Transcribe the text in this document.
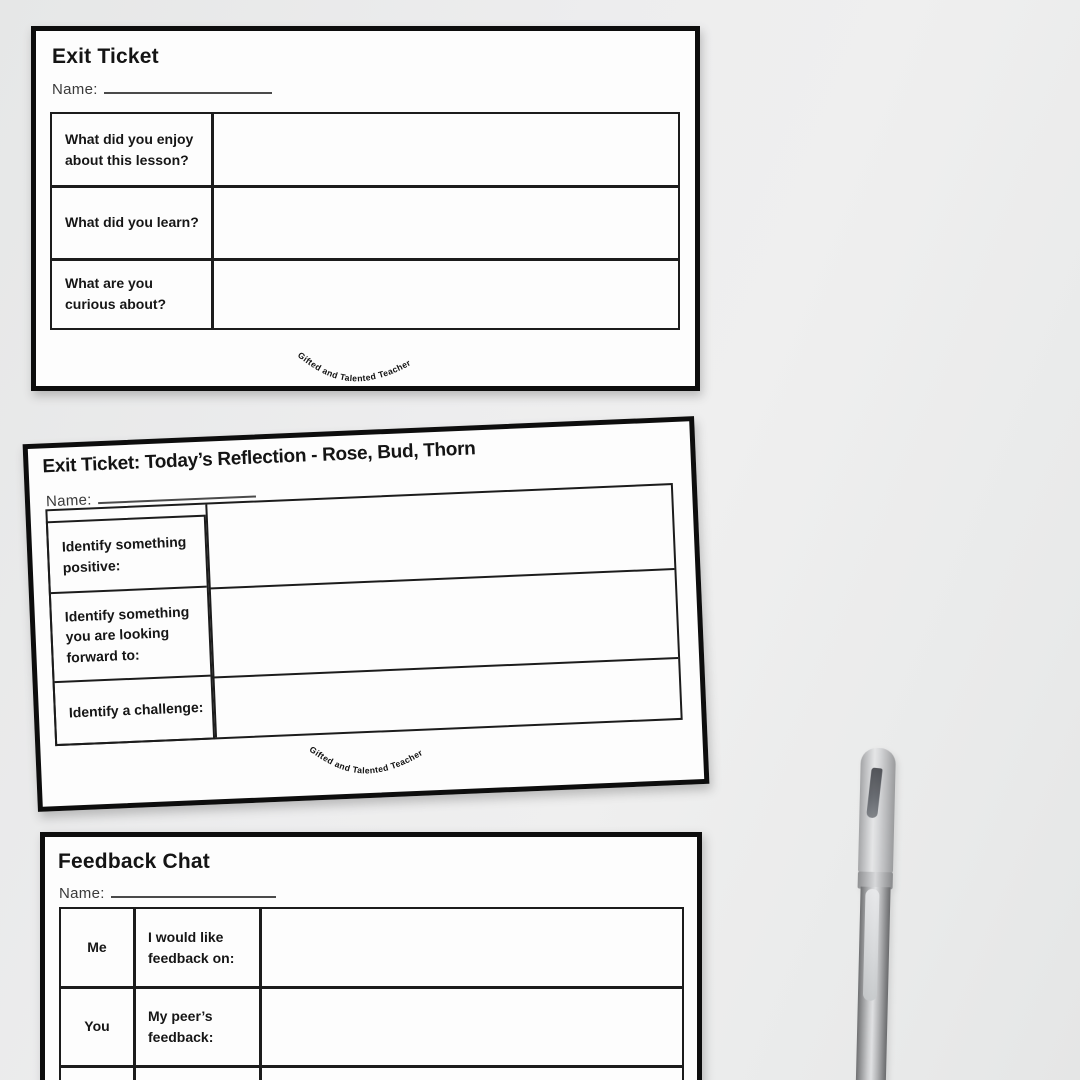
Exit Ticket
Name:
What did you enjoy about this lesson?
What did you learn?
What are you curious about?
Gifted and Talented Teacher
Exit Ticket: Today’s Reflection - Rose, Bud, Thorn
Name:
Identify something positive:
Identify something you are looking forward to:
Identify a challenge:
Gifted and Talented Teacher
Feedback Chat
Name:
Me
I would like feedback on:
You
My peer’s feedback:
